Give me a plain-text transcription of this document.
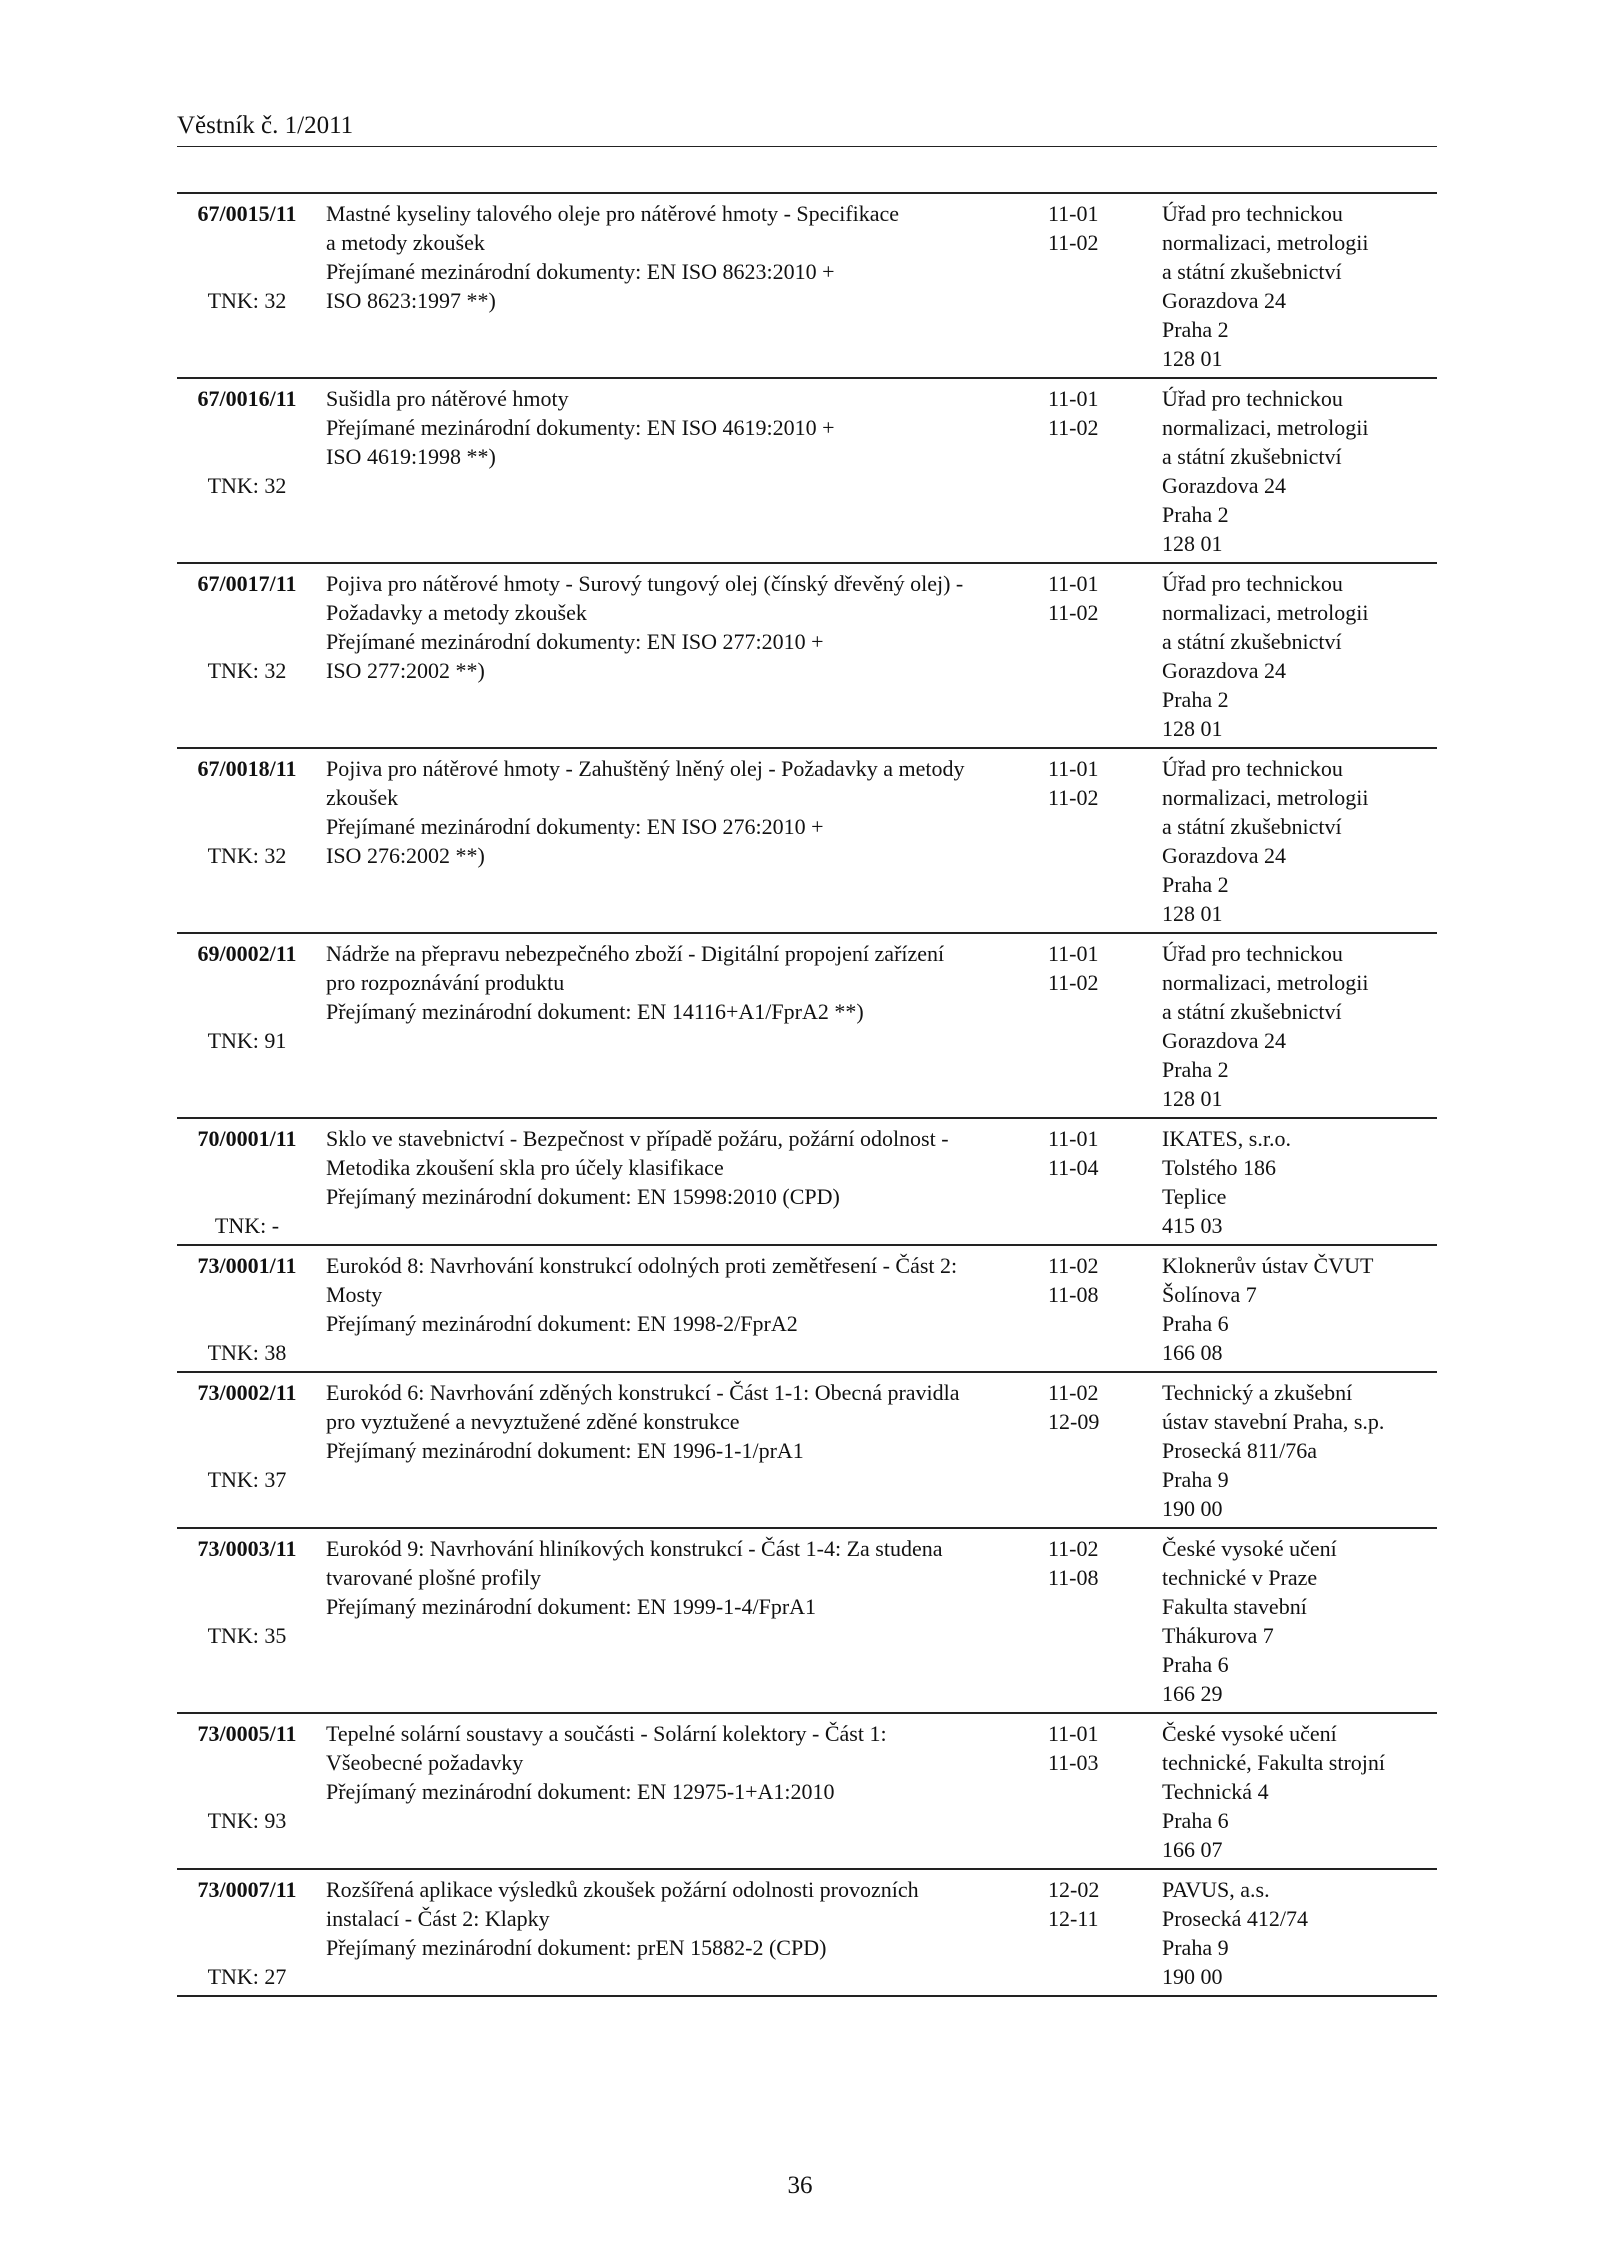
Věstník č. 1/2011
67/0015/11
TNK: 32
Mastné kyseliny talového oleje pro nátěrové hmoty - Specifikace
a metody zkoušek
Přejímané mezinárodní dokumenty: EN ISO 8623:2010 +
ISO 8623:1997 **)
11-01
11-02
Úřad pro technickou
normalizaci, metrologii
a státní zkušebnictví
Gorazdova 24
Praha 2
128 01
67/0016/11
TNK: 32
Sušidla pro nátěrové hmoty
Přejímané mezinárodní dokumenty: EN ISO 4619:2010 +
ISO 4619:1998 **)
11-01
11-02
Úřad pro technickou
normalizaci, metrologii
a státní zkušebnictví
Gorazdova 24
Praha 2
128 01
67/0017/11
TNK: 32
Pojiva pro nátěrové hmoty - Surový tungový olej (čínský dřevěný olej) -
Požadavky a metody zkoušek
Přejímané mezinárodní dokumenty: EN ISO 277:2010 +
ISO 277:2002 **)
11-01
11-02
Úřad pro technickou
normalizaci, metrologii
a státní zkušebnictví
Gorazdova 24
Praha 2
128 01
67/0018/11
TNK: 32
Pojiva pro nátěrové hmoty - Zahuštěný lněný olej - Požadavky a metody
zkoušek
Přejímané mezinárodní dokumenty: EN ISO 276:2010 +
ISO 276:2002 **)
11-01
11-02
Úřad pro technickou
normalizaci, metrologii
a státní zkušebnictví
Gorazdova 24
Praha 2
128 01
69/0002/11
TNK: 91
Nádrže na přepravu nebezpečného zboží - Digitální propojení zařízení
pro rozpoznávání produktu
Přejímaný mezinárodní dokument: EN 14116+A1/FprA2 **)
11-01
11-02
Úřad pro technickou
normalizaci, metrologii
a státní zkušebnictví
Gorazdova 24
Praha 2
128 01
70/0001/11
TNK: -
Sklo ve stavebnictví - Bezpečnost v případě požáru, požární odolnost -
Metodika zkoušení skla pro účely klasifikace
Přejímaný mezinárodní dokument: EN 15998:2010 (CPD)
11-01
11-04
IKATES, s.r.o.
Tolstého 186
Teplice
415 03
73/0001/11
TNK: 38
Eurokód 8: Navrhování konstrukcí odolných proti zemětřesení - Část 2:
Mosty
Přejímaný mezinárodní dokument: EN 1998-2/FprA2
11-02
11-08
Kloknerův ústav ČVUT
Šolínova 7
Praha 6
166 08
73/0002/11
TNK: 37
Eurokód 6: Navrhování zděných konstrukcí - Část 1-1: Obecná pravidla
pro vyztužené a nevyztužené zděné konstrukce
Přejímaný mezinárodní dokument: EN 1996-1-1/prA1
11-02
12-09
Technický a zkušební
ústav stavební Praha, s.p.
Prosecká 811/76a
Praha 9
190 00
73/0003/11
TNK: 35
Eurokód 9: Navrhování hliníkových konstrukcí - Část 1-4: Za studena
tvarované plošné profily
Přejímaný mezinárodní dokument: EN 1999-1-4/FprA1
11-02
11-08
České vysoké učení
technické v Praze
Fakulta stavební
Thákurova 7
Praha 6
166 29
73/0005/11
TNK: 93
Tepelné solární soustavy a součásti - Solární kolektory - Část 1:
Všeobecné požadavky
Přejímaný mezinárodní dokument: EN 12975-1+A1:2010
11-01
11-03
České vysoké učení
technické, Fakulta strojní
Technická 4
Praha 6
166 07
73/0007/11
TNK: 27
Rozšířená aplikace výsledků zkoušek požární odolnosti provozních
instalací - Část 2: Klapky
Přejímaný mezinárodní dokument: prEN 15882-2 (CPD)
12-02
12-11
PAVUS, a.s.
Prosecká 412/74
Praha 9
190 00
36
